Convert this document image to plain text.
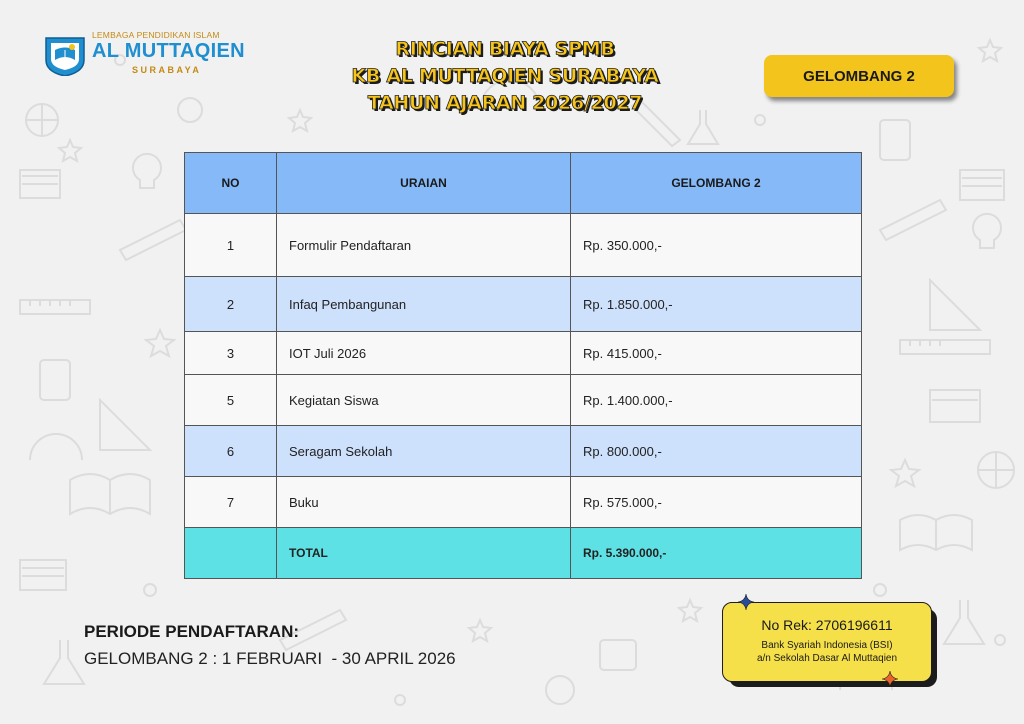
LEMBAGA PENDIDIKAN ISLAM
AL MUTTAQIEN
SURABAYA
RINCIAN BIAYA SPMB
KB AL MUTTAQIEN SURABAYA
TAHUN AJARAN 2026/2027
GELOMBANG 2
NO	URAIAN	GELOMBANG 2
1	Formulir Pendaftaran	Rp. 350.000,-
2	Infaq Pembangunan	Rp. 1.850.000,-
3	IOT Juli 2026	Rp. 415.000,-
5	Kegiatan Siswa	Rp. 1.400.000,-
6	Seragam Sekolah	Rp. 800.000,-
7	Buku	Rp. 575.000,-
	TOTAL	Rp. 5.390.000,-
PERIODE PENDAFTARAN:
GELOMBANG 2 : 1 FEBRUARI  - 30 APRIL 2026
No Rek: 2706196611
Bank Syariah Indonesia (BSI)
a/n Sekolah Dasar Al Muttaqien
